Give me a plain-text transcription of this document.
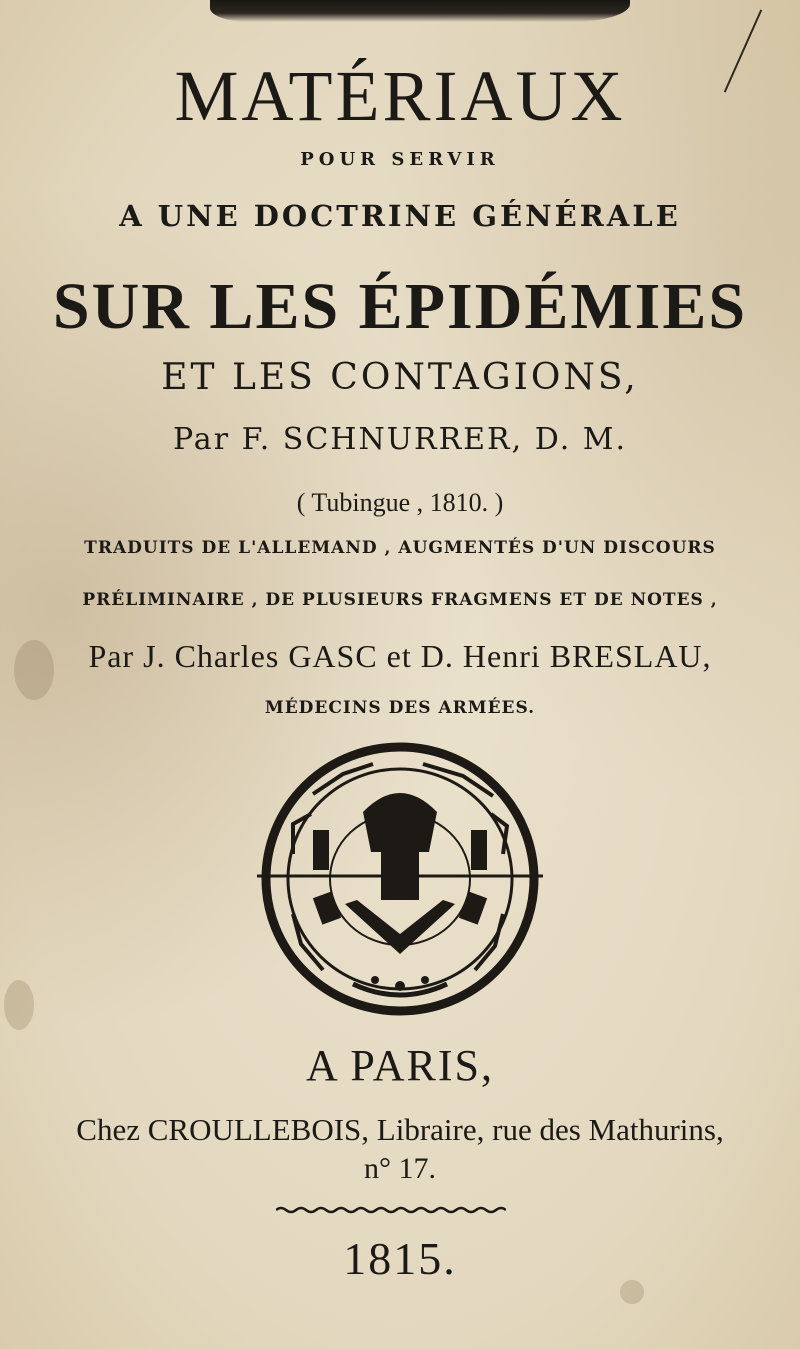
MATÉRIAUX
POUR SERVIR
A UNE DOCTRINE GÉNÉRALE
SUR LES ÉPIDÉMIES
ET LES CONTAGIONS,
Par F. SCHNURRER, D. M.
( Tubingue , 1810. )
TRADUITS DE L'ALLEMAND , AUGMENTÉS D'UN DISCOURS
PRÉLIMINAIRE , DE PLUSIEURS FRAGMENS ET DE NOTES ,
Par J. Charles GASC et D. Henri BRESLAU,
MÉDECINS DES ARMÉES.
A PARIS,
Chez CROULLEBOIS, Libraire, rue des Mathurins,
n° 17.
1815.
